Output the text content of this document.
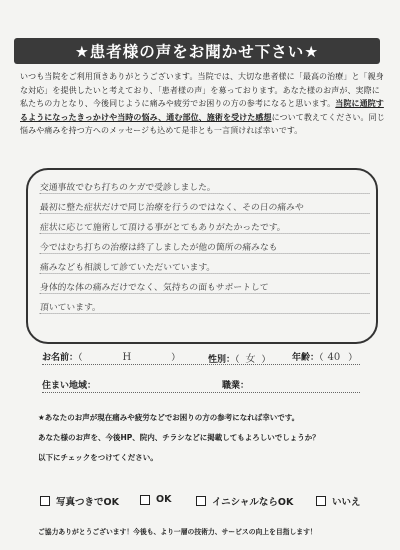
★患者様の声をお聞かせ下さい★
いつも当院をご利用頂きありがとうございます。当院では、大切な患者様に「最高の治療」と「親身な対応」を提供したいと考えており、「患者様の声」を募っております。あなた様のお声が、実際に私たちの力となり、今後同じように痛みや疲労でお困りの方の参考になると思います。当院に通院するようになったきっかけや当時の悩み、通む部位、施術を受けた感想について教えてください。同じ悩みや痛みを持つ方へのメッセージも込めて是非とも一言頂ければ幸いです。
交通事故でむち打ちのケガで受診しました。
最初に整た症状だけで同じ治療を行うのではなく、その日の痛みや
症状に応じて施術して頂ける事がとてもありがたかったです。
今ではむち打ちの治療は終了しましたが他の箇所の痛みなも
痛みなども相談して診ていただいています。
身体的な体の痛みだけでなく、気持ちの面もサポートして
頂いています。
お名前：（	H	）	性別：（ 女 ） 年齢：（ 40 ）
住まい地域：	職業：
★あなたのお声が現在痛みや疲労などでお困りの方の参考になれば幸いです。
あなた様のお声を、今後HP、院内、チラシなどに掲載してもよろしいでしょうか？
以下にチェックをつけてください。
写真つきでOK	OK	イニシャルならOK	いいえ
ご協力ありがとうございます！今後も、より一層の技術力、サービスの向上を目指します！
